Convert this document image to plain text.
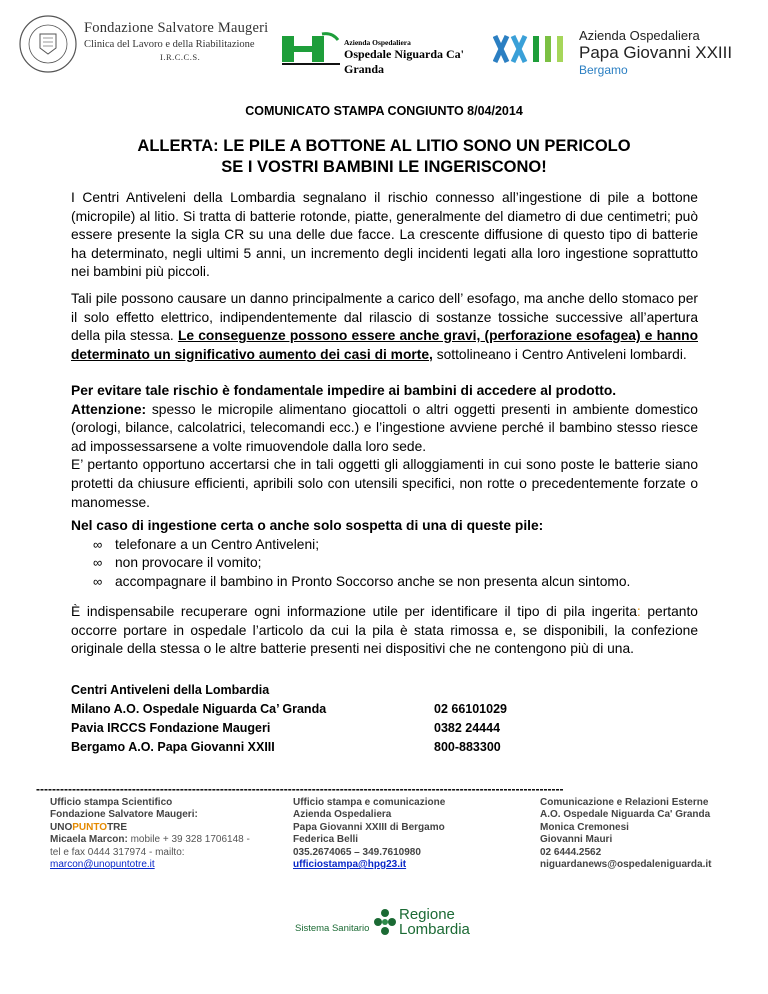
Fondazione Salvatore Maugeri
Clinica del Lavoro e della Riabilitazione
I.R.C.C.S.
Azienda Ospedaliera
Ospedale Niguarda Ca' Granda
Azienda Ospedaliera
Papa Giovanni XXIII
Bergamo
COMUNICATO STAMPA CONGIUNTO 8/04/2014
ALLERTA: LE PILE A BOTTONE AL LITIO SONO UN PERICOLO
SE I VOSTRI BAMBINI LE INGERISCONO!

I Centri Antiveleni della Lombardia segnalano il rischio connesso all’ingestione di pile a bottone (micropile) al litio. Si tratta di batterie rotonde, piatte, generalmente del diametro di due centimetri; può essere presente la sigla CR su una delle due facce. La crescente diffusione di questo tipo di batterie ha determinato, negli ultimi 5 anni, un incremento degli incidenti legati alla loro ingestione soprattutto nei bambini più piccoli.

Tali pile possono causare un danno principalmente a carico dell’ esofago, ma anche dello stomaco per il solo effetto elettrico, indipendentemente dal rilascio di sostanze tossiche successive all’apertura della pila stessa. Le conseguenze possono essere anche gravi, (perforazione esofagea) e hanno determinato un significativo aumento dei casi di morte, sottolineano i Centro Antiveleni lombardi.

Per evitare tale rischio è fondamentale impedire ai bambini di accedere al prodotto.

Attenzione: spesso le micropile alimentano giocattoli o altri oggetti presenti in ambiente domestico (orologi, bilance, calcolatrici, telecomandi ecc.) e l’ingestione avviene perché il bambino stesso riesce ad impossessarsene a volte rimuovendole dalla loro sede.

E’ pertanto opportuno accertarsi che in tali oggetti gli alloggiamenti in cui sono poste le batterie siano protetti da chiusure efficienti, apribili solo con utensili specifici, non rotte o precedentemente forzate o manomesse.

Nel caso di ingestione certa o anche solo sospetta di una di queste pile:

∞ telefonare a un Centro Antiveleni;
∞ non provocare il vomito;
∞ accompagnare il bambino in Pronto Soccorso anche se non presenta alcun sintomo.

È indispensabile recuperare ogni informazione utile per identificare il tipo di pila ingerita: pertanto occorre portare in ospedale l’articolo da cui la pila è stata rimossa e, se disponibili, la confezione originale della stessa o le altre batterie presenti nei dispositivi che ne contengono più di una.

Centri Antiveleni della Lombardia
Milano A.O. Ospedale Niguarda Ca’ Granda
Pavia IRCCS Fondazione Maugeri
Bergamo A.O. Papa Giovanni XXIII
02 66101029
0382 24444
800-883300
------------------------------------------------------------------------------------------------------------------------------------
Ufficio stampa Scientifico
Fondazione Salvatore Maugeri:
UNOPUNTOTRE
Micaela Marcon: mobile + 39 328 1706148 -
tel e fax 0444 317974 - mailto:
marcon@unopuntotre.it
Ufficio stampa e comunicazione
Azienda Ospedaliera
Papa Giovanni XXIII di Bergamo
Federica Belli
035.2674065 – 349.7610980
ufficiostampa@hpg23.it
Comunicazione e Relazioni Esterne
A.O. Ospedale Niguarda Ca' Granda
Monica Cremonesi
Giovanni Mauri
02 6444.2562
niguardanews@ospedaleniguarda.it
Sistema Sanitario
Regione
Lombardia
